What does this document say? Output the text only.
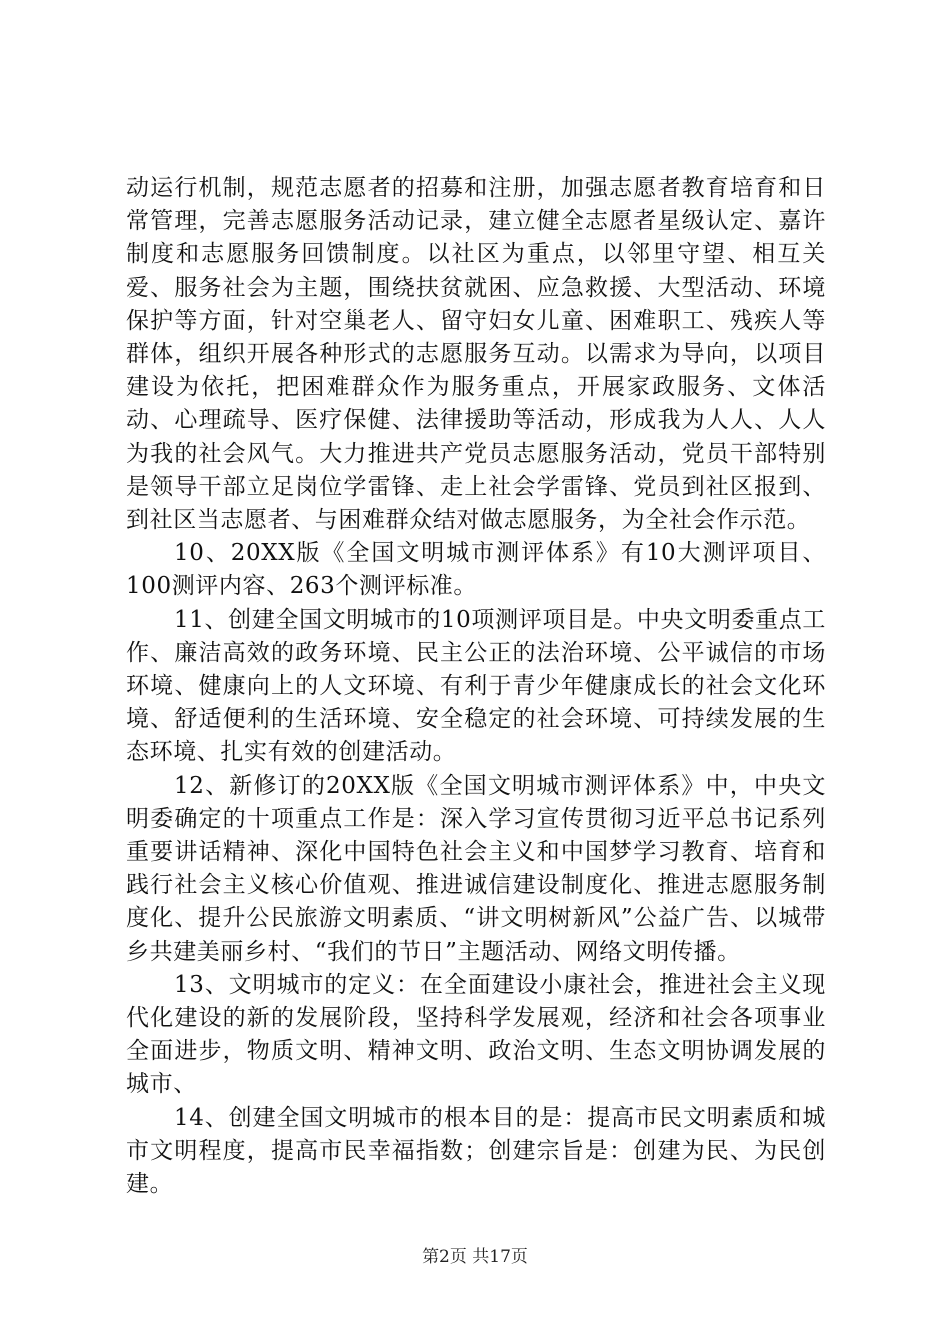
动运行机制，规范志愿者的招募和注册，加强志愿者教育培育和日常管理，完善志愿服务活动记录，建立健全志愿者星级认定、嘉许制度和志愿服务回馈制度。以社区为重点，以邻里守望、相互关爱、服务社会为主题，围绕扶贫就困、应急救援、大型活动、环境保护等方面，针对空巢老人、留守妇女儿童、困难职工、残疾人等群体，组织开展各种形式的志愿服务互动。以需求为导向，以项目建设为依托，把困难群众作为服务重点，开展家政服务、文体活动、心理疏导、医疗保健、法律援助等活动，形成我为人人、人人为我的社会风气。大力推进共产党员志愿服务活动，党员干部特别是领导干部立足岗位学雷锋、走上社会学雷锋、党员到社区报到、到社区当志愿者、与困难群众结对做志愿服务，为全社会作示范。

10、20XX版《全国文明城市测评体系》有10大测评项目、100测评内容、263个测评标准。

11、创建全国文明城市的10项测评项目是。中央文明委重点工作、廉洁高效的政务环境、民主公正的法治环境、公平诚信的市场环境、健康向上的人文环境、有利于青少年健康成长的社会文化环境、舒适便利的生活环境、安全稳定的社会环境、可持续发展的生态环境、扎实有效的创建活动。

12、新修订的20XX版《全国文明城市测评体系》中，中央文明委确定的十项重点工作是：深入学习宣传贯彻习近平总书记系列重要讲话精神、深化中国特色社会主义和中国梦学习教育、培育和践行社会主义核心价值观、推进诚信建设制度化、推进志愿服务制度化、提升公民旅游文明素质、“讲文明树新风”公益广告、以城带乡共建美丽乡村、“我们的节日”主题活动、网络文明传播。

13、文明城市的定义：在全面建设小康社会，推进社会主义现代化建设的新的发展阶段，坚持科学发展观，经济和社会各项事业全面进步，物质文明、精神文明、政治文明、生态文明协调发展的城市、

14、创建全国文明城市的根本目的是：提高市民文明素质和城市文明程度，提高市民幸福指数；创建宗旨是：创建为民、为民创建。

第2页 共17页
